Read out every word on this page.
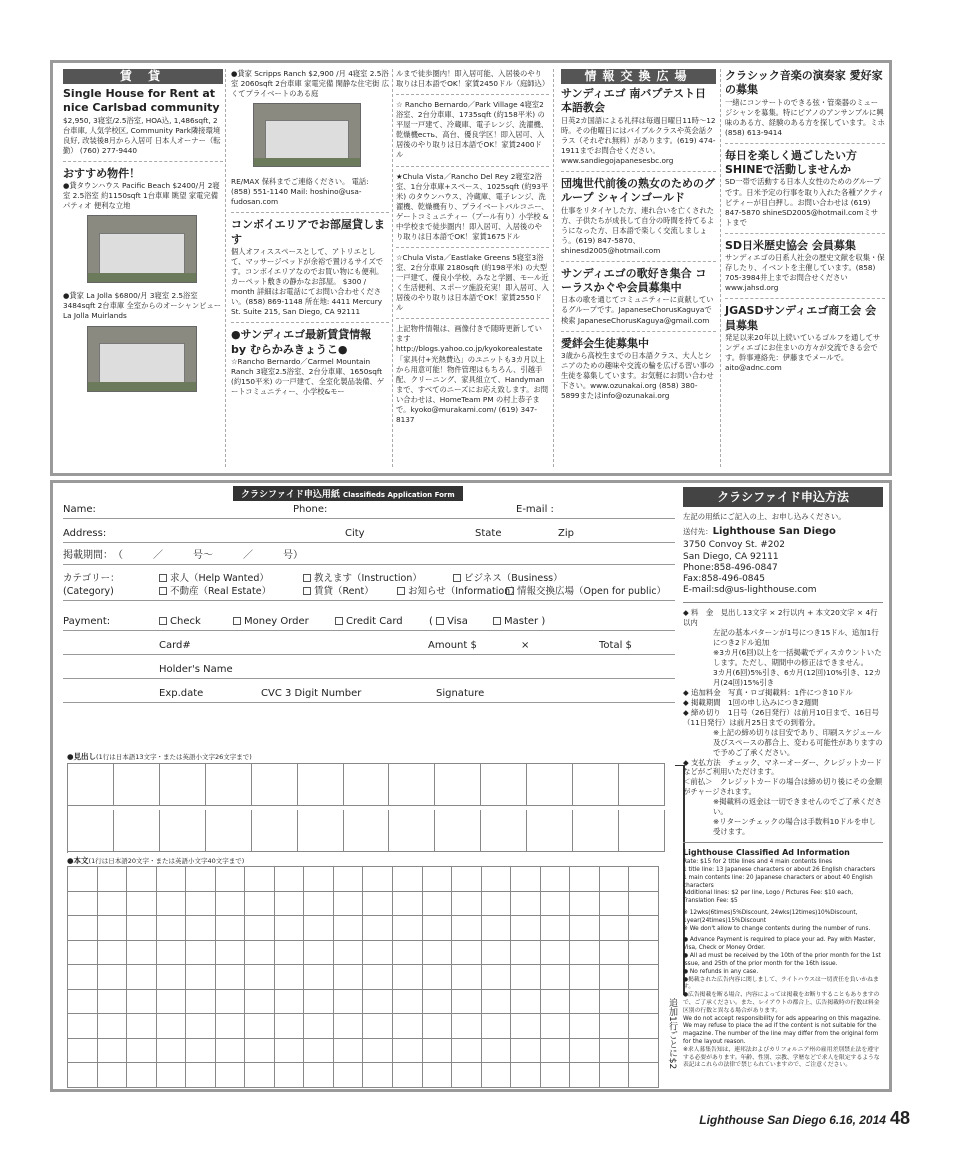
賃 貸
Single House for Rent at nice Carlsbad community
$2,950, 3寝室/2.5浴室, HOA込, 1,486sqft, 2台車庫, 人気学校区, Community Park隣接環境良好, 改装後8月から入居可 日本人オーナー（転勤） (760) 277-9440
おすすめ物件！
●貸タウンハウス Pacific Beach $2400/月 2寝室 2.5浴室 約1150sqft 1台車庫 眺望 家電完備 パティオ 便利な立地
●貸家 La Jolla $6800/月 3寝室 2.5浴室 3484sqft 2台車庫 全室からのオーシャンビュー La Jolla Muirlands
●貸家 Scripps Ranch $2,900 /月 4寝室 2.5浴室 2060sqft 2台車庫 家電完備 閑静な住宅街 広くてプライベートのある庭
RE/MAX 保科までご連絡ください。 電話: (858) 551-1140 Mail: hoshino@usa-fudosan.com
コンボイエリアでお部屋貸します
個人オフィススペースとして、アトリエとして、マッサージベッドが余裕で置けるサイズです。コンボイエリアなのでお買い物にも便利。カーペット敷きの静かなお部屋。 $300 / month 詳細はお電話にてお問い合わせください。(858) 869-1148 所在地: 4411 Mercury St. Suite 215, San Diego, CA 92111
●サンディエゴ最新賃貸情報 by むらかみきょうこ●
☆Rancho Bernardo／Carmel Mountain Ranch 3寝室2.5浴室、2台分車庫、1650sqft (約150平米) の一戸建て、全室化製品装備、ゲートコミュニティー、小学校&モー
ルまで徒歩圏内！即入居可能、入居後のやり取りは日本語でOK！家賃2450ドル（庭師込）
☆ Rancho Bernardo／Park Village 4寝室2浴室、2台分車庫、1735sqft (約158平米) の平屋一戸建て、冷蔵庫、電子レンジ、洗濯機、乾燥機есть、高台、優良学区！即入居可、入居後のやり取りは日本語でOK！家賃2400ドル
★Chula Vista／Rancho Del Rey 2寝室2浴室、1台分車庫+スペース、1025sqft (約93平米) のタウンハウス、冷蔵庫、電子レンジ、洗濯機、乾燥機有り、プライベートバルコニー、ゲートコミュニティー（プール有り）小学校 & 中学校まで徒歩圏内！即入居可、入居後のやり取りは日本語でOK！家賃1675ドル
☆Chula Vista／Eastlake Greens 5寝室3浴室、2台分車庫 2180sqft (約198平米) の大型一戸建て、優良小学校、みなと学園、モール近く生活便利、スポーツ施設充実！即入居可、入居後のやり取りは日本語でOK！家賃2550ドル
上記物件情報は、画像付きで随時更新しています http://blogs.yahoo.co.jp/kyokorealestate「家具付+光熱費込」のユニットも3カ月以上から用意可能！物件管理はもちろん、引越手配、クリーニング、家具組立て、Handymanまで、すべてのニーズにお応え致します。お問い合わせは、HomeTeam PM の村上恭子まで。kyoko@murakami.com/ (619) 347-8137
情報交換広場
サンディエゴ 南バプテスト日本語教会
日英2カ国語による礼拝は毎週日曜日11時〜12時。その他曜日にはバイブルクラスや英会話クラス（それぞれ無料）があります。(619) 474-1911までお問合せください。 www.sandiegojapanesesbc.org
団塊世代前後の熟女のためのグループ シャインゴールド
仕事をリタイヤした方、連れ合いを亡くされた方、子供たちが成長して自分の時間を持てるようになった方、日本語で楽しく交流しましょう。(619) 847-5870、shinesd2005@hotmail.com
サンディエゴの歌好き集合 コーラスかぐや会員募集中
日本の歌を通じてコミュニティーに貢献しているグループです。JapaneseChorusKaguyaで検索 JapaneseChorusKaguya@gmail.com
愛絆会生徒募集中
3歳から高校生までの日本語クラス、大人とシニアのための趣味や交流の輪を広げる習い事の生徒を募集しています。お気軽にお問い合わせ下さい。www.ozunakai.org (858) 380-5899またはinfo@ozunakai.org
クラシック音楽の演奏家 愛好家の募集
一緒にコンサートのできる弦・管楽器のミュージシャンを募集。特にピアノのアンサンブルに興味のある方、経験のある方を探しています。ミホ (858) 613-9414
毎日を楽しく過ごしたい方 SHINEで活動しませんか
SD一帯で活動する日本人女性のためのグループです。日米予定の行事を取り入れた各種アクティビティーが目白押し。お問い合わせは (619) 847-5870 shineSD2005@hotmail.comミサトまで
SD日米歴史協会 会員募集
サンディエゴの日系人社会の歴史文献を収集・保存したり、イベントを主催しています。(858) 705-3984井上までお問合せください www.jahsd.org
JGASDサンディエゴ商工会 会員募集
発足以来20年以上続いているゴルフを通してサンディエゴにお住まいの方々が交流できる会です。幹事連絡先：伊藤までメールで。aito@adnc.com
クラシファイド申込用紙 Classifieds Application Form
Name:	Phone:	E-mail :
Address:	City	State	Zip
掲載期間：　（　　　／　　　号〜　　　／　　　号）
カテゴリー：
(Category)
求人（Help Wanted）	教えます（Instruction）	ビジネス（Business）
不動産（Real Estate）	賃貸（Rent）	お知らせ（Information）
情報交換広場（Open for public）
Payment:	Check	Money Order	Credit Card	( Visa	Master )
Card#	Amount $	×	Total $
Holder's Name
Exp.date	CVC 3 Digit Number	Signature
●見出し(1行は日本語13文字・または英語小文字26文字まで)
●本文(1行は日本語20文字・または英語小文字40文字まで)
追加1行ごとに$2
クラシファイド申込方法
左記の用紙にご記入の上、お申し込みください。
送付先：Lighthouse San Diego
3750 Convoy St. #202
San Diego, CA 92111
Phone:858-496-0847
Fax:858-496-0845
E-mail:sd@us-lighthouse.com
◆ 料　金　見出し13文字 × 2行以内 + 本文20文字 × 4行以内
左記の基本パターンが1号につき15ドル、追加1行につき2ドル追加
※3カ月(6回)以上を一括掲載でディスカウントいたします。ただし、期間中の修正はできません。
3カ月(6回)5%引き、6カ月(12回)10%引き、12カ月(24回)15%引き
◆ 追加料金　写真・ロゴ掲載料：1件につき10ドル
◆ 掲載期間　1回の申し込みにつき2週間
◆ 締め切り　1日号（26日発行）は前月10日まで、16日号（11日発行）は前月25日までの到着分。
※上記の締め切りは目安であり、印刷スケジュール及びスペースの都合上、変わる可能性がありますので予めご了承ください。
◆ 支払方法　チェック、マネーオーダー、クレジットカードなどがご利用いただけます。
＜前払＞　クレジットカードの場合は締め切り後にその金額がチャージされます。
※掲載料の返金は一切できませんのでご了承ください。
※リターンチェックの場合は手数料10ドルを申し受けます。
Lighthouse Classified Ad Information
Rate: $15 for 2 title lines and 4 main contents lines
1 title line: 13 Japanese characters or about 26 English characters
1 main contents line: 20 Japanese characters or about 40 English characters
Additional lines: $2 per line, Logo / Pictures Fee: $10 each, Translation Fee: $5
※ 12wks(6times)5%Discount, 24wks(12times)10%Discount, 1year(24times)15%Discount
※ We don't allow to change contents during the number of runs.
● Advance Payment is required to place your ad. Pay with Master, Visa, Check or Money Order.
● All ad must be received by the 10th of the prior month for the 1st issue, and 25th of the prior month for the 16th issue.
● No refunds in any case.
●掲載された広告内容に関しまして、ライトハウスは一切責任を負いかねます。
●広告掲載を断る場合、内容によっては掲載をお断りすることもありますので、ご了承ください。また、レイアウトの都合上、広告掲載時の行数は料金区別の行数と異なる場合があります。
We do not accept responsibility for ads appearing on this magazine. We may refuse to place the ad if the content is not suitable for the magazine. The number of the line may differ from the original form for the layout reason.
※求人募集告知は、連邦法およびカリフォルニア州の雇用差別禁止法を遵守する必要があります。年齢、性別、宗教、学歴などで求人を限定するような表記はこれらの法律で禁じられていますので、ご注意ください。
Lighthouse San Diego 6.16, 2014 48
